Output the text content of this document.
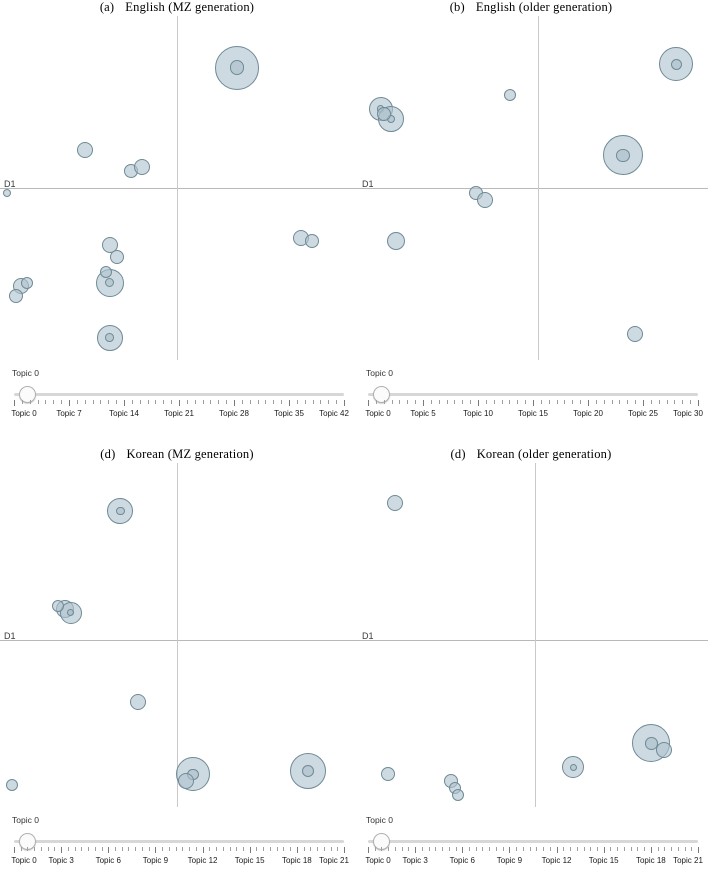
(a) English (MZ generation)
D1
Topic 0
Topic 0 Topic 7	Topic 14	Topic 21	Topic 28	Topic 35 Topic 42
(b) English (older generation)
D1
Topic 0
Topic 0 Topic 5	Topic 10	Topic 15	Topic 20	Topic 25 Topic 30
(d) Korean (MZ generation)
D1
Topic 0
Topic 0 Topic 3	Topic 6	Topic 9 Topic 12 Topic 15 Topic 18 Topic 21
(d) Korean (older generation)
D1
Topic 0
Topic 0 Topic 3	Topic 6	Topic 9 Topic 12 Topic 15 Topic 18 Topic 21
